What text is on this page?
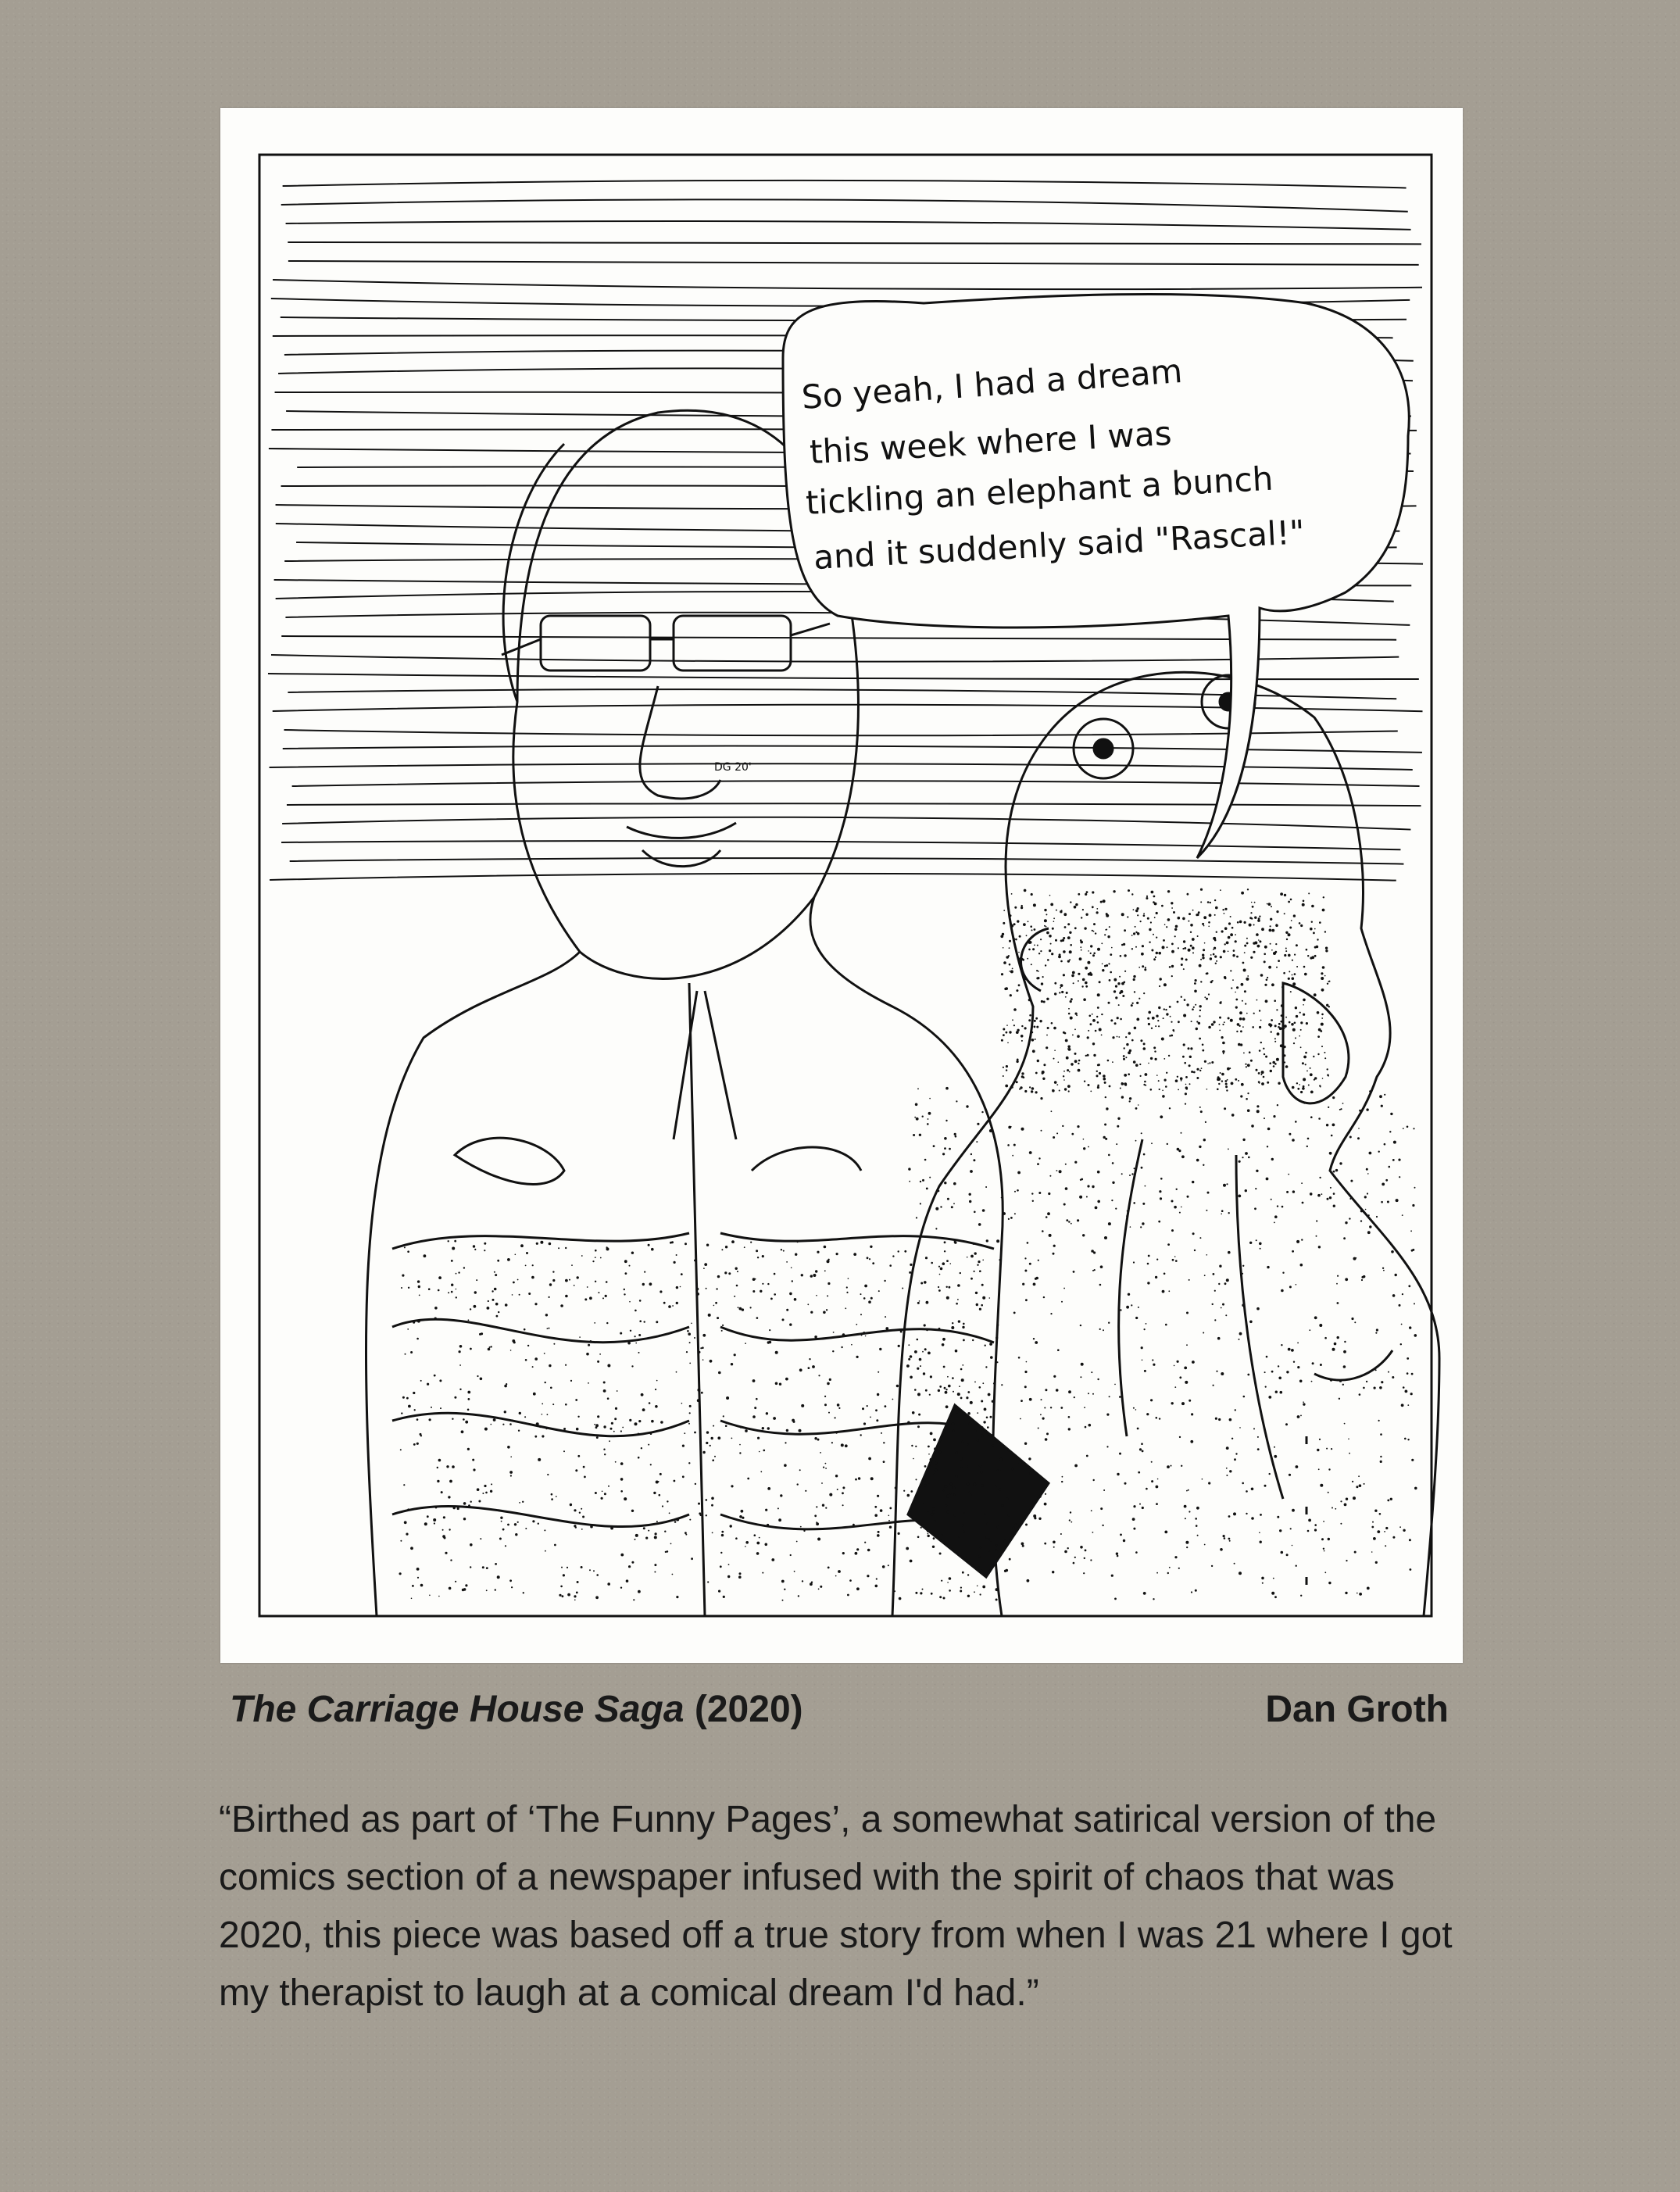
So yeah, I had a dream
this week where I was
tickling an elephant a bunch
and it suddenly said "Rascal!"
DG 20'
The Carriage House Saga (2020)	Dan Groth

“Birthed as part of ‘The Funny Pages’, a somewhat satirical version of the comics section of a newspaper infused with the spirit of chaos that was 2020, this piece was based off a true story from when I was 21 where I got my therapist to laugh at a comical dream I'd had.”
